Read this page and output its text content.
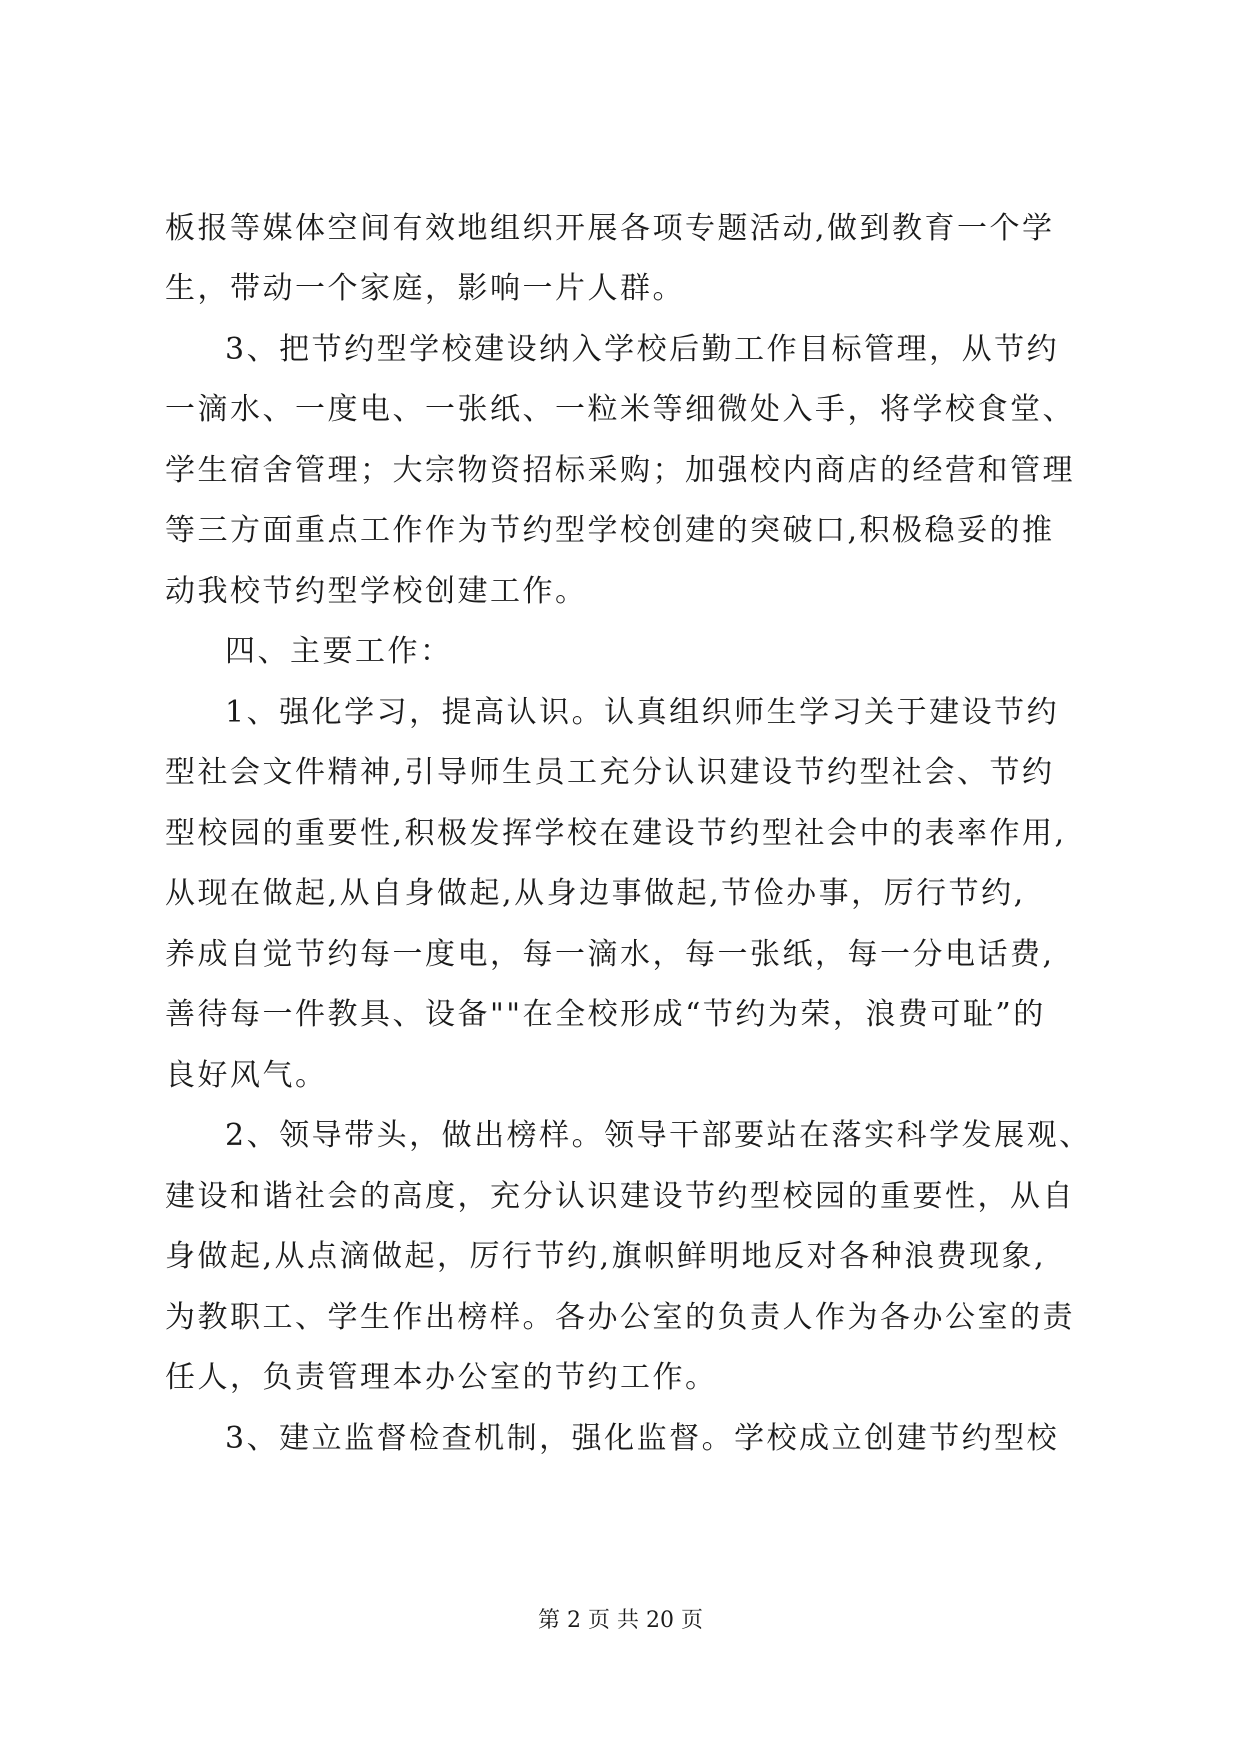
板报等媒体空间有效地组织开展各项专题活动,做到教育一个学
生，带动一个家庭，影响一片人群。
3、把节约型学校建设纳入学校后勤工作目标管理，从节约
一滴水、一度电、一张纸、一粒米等细微处入手，将学校食堂、
学生宿舍管理；大宗物资招标采购；加强校内商店的经营和管理
等三方面重点工作作为节约型学校创建的突破口,积极稳妥的推
动我校节约型学校创建工作。
四、主要工作：
1、强化学习，提高认识。认真组织师生学习关于建设节约
型社会文件精神,引导师生员工充分认识建设节约型社会、节约
型校园的重要性,积极发挥学校在建设节约型社会中的表率作用,
从现在做起,从自身做起,从身边事做起,节俭办事，厉行节约,
养成自觉节约每一度电，每一滴水，每一张纸，每一分电话费,
善待每一件教具、设备""在全校形成“节约为荣，浪费可耻”的
良好风气。
2、领导带头，做出榜样。领导干部要站在落实科学发展观、
建设和谐社会的高度，充分认识建设节约型校园的重要性，从自
身做起,从点滴做起，厉行节约,旗帜鲜明地反对各种浪费现象,
为教职工、学生作出榜样。各办公室的负责人作为各办公室的责
任人，负责管理本办公室的节约工作。
3、建立监督检查机制，强化监督。学校成立创建节约型校
第 2 页 共 20 页
